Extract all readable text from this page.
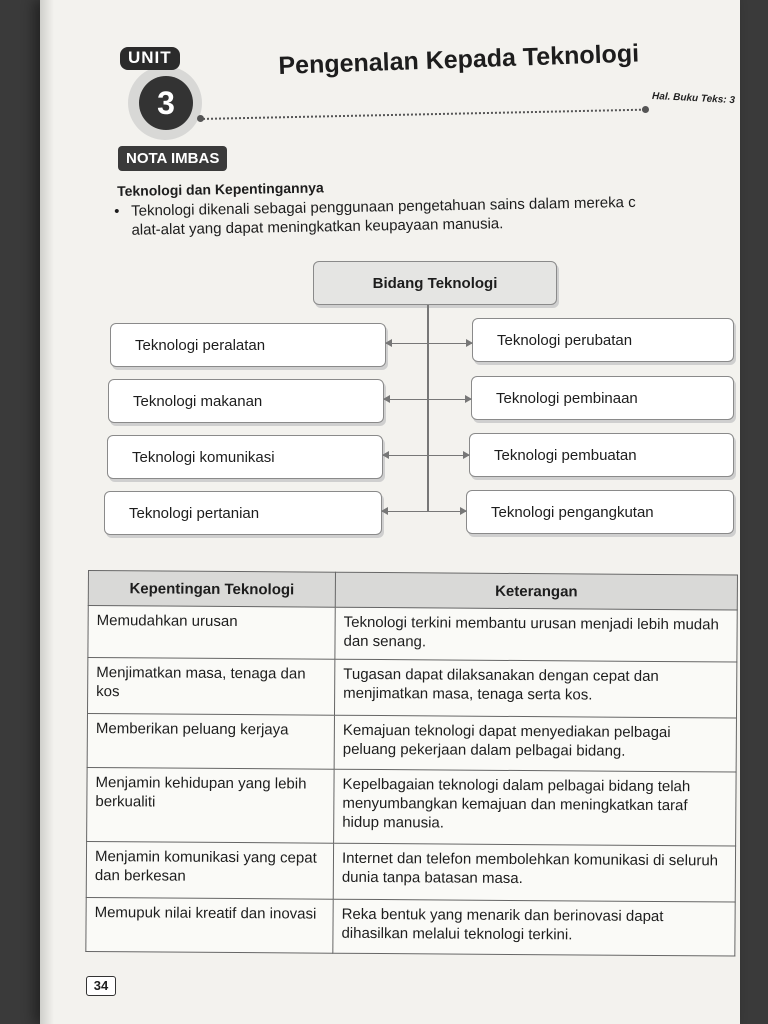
3
UNIT	Pengenalan Kepada Teknologi
Hal. Buku Teks: 3
NOTA IMBAS
Teknologi dan Kepentingannya
• Teknologi dikenali sebagai penggunaan pengetahuan sains dalam mereka c
alat-alat yang dapat meningkatkan keupayaan manusia.
Bidang Teknologi
Teknologi peralatan
Teknologi makanan
Teknologi komunikasi
Teknologi pertanian
Teknologi perubatan
Teknologi pembinaan
Teknologi pembuatan
Teknologi pengangkutan
Kepentingan Teknologi	Keterangan
Memudahkan urusan	Teknologi terkini membantu urusan menjadi lebih mudah dan senang.
Menjimatkan masa, tenaga dan kos	Tugasan dapat dilaksanakan dengan cepat dan menjimatkan masa, tenaga serta kos.
Memberikan peluang kerjaya	Kemajuan teknologi dapat menyediakan pelbagai peluang pekerjaan dalam pelbagai bidang.
Menjamin kehidupan yang lebih berkualiti	Kepelbagaian teknologi dalam pelbagai bidang telah menyumbangkan kemajuan dan meningkatkan taraf hidup manusia.
Menjamin komunikasi yang cepat dan berkesan	Internet dan telefon membolehkan komunikasi di seluruh dunia tanpa batasan masa.
Memupuk nilai kreatif dan inovasi	Reka bentuk yang menarik dan berinovasi dapat dihasilkan melalui teknologi terkini.
34
